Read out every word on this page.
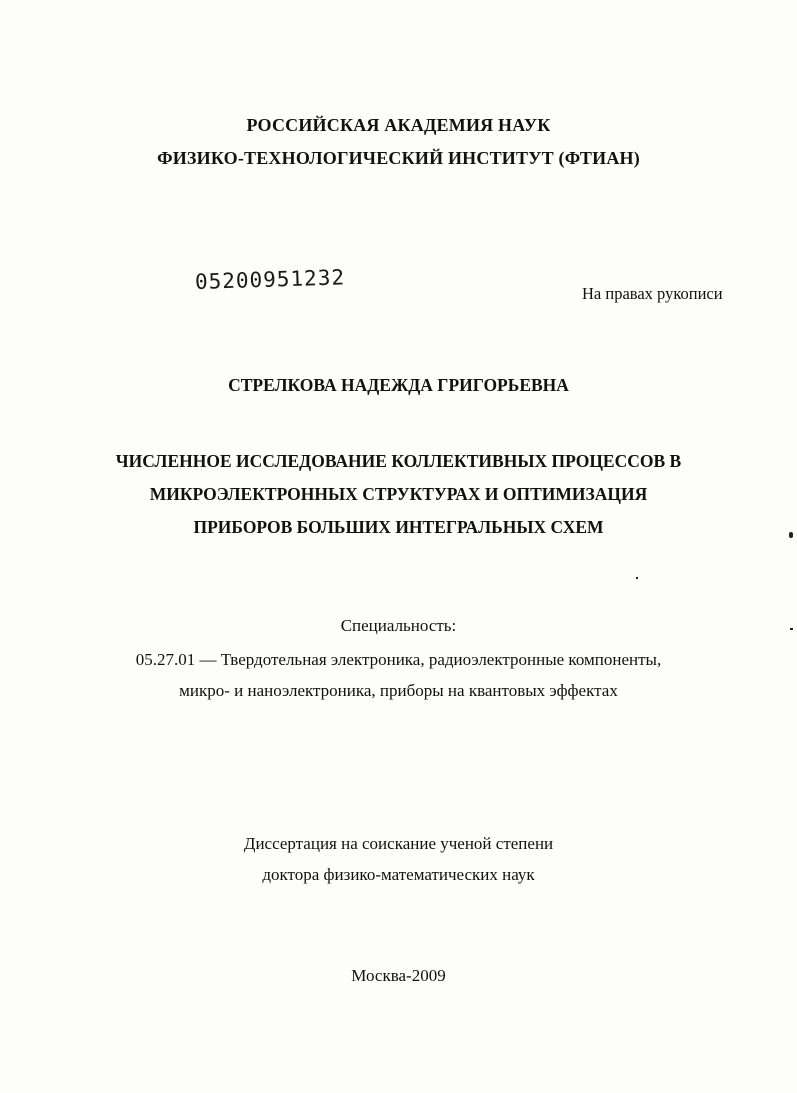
РОССИЙСКАЯ АКАДЕМИЯ НАУК
ФИЗИКО-ТЕХНОЛОГИЧЕСКИЙ ИНСТИТУТ (ФТИАН)
05200951232	На правах рукописи
СТРЕЛКОВА НАДЕЖДА ГРИГОРЬЕВНА
ЧИСЛЕННОЕ ИССЛЕДОВАНИЕ КОЛЛЕКТИВНЫХ ПРОЦЕССОВ В
МИКРОЭЛЕКТРОННЫХ СТРУКТУРАХ И ОПТИМИЗАЦИЯ
ПРИБОРОВ БОЛЬШИХ ИНТЕГРАЛЬНЫХ СХЕМ
Специальность:
05.27.01 — Твердотельная электроника, радиоэлектронные компоненты,
микро- и наноэлектроника, приборы на квантовых эффектах
Диссертация на соискание ученой степени
доктора физико-математических наук
Москва-2009
